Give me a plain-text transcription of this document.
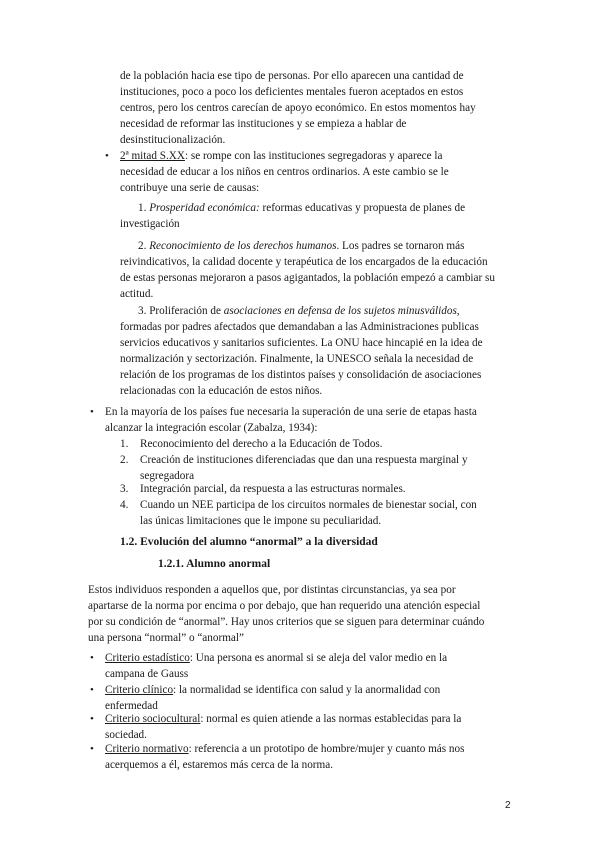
de la población hacia ese tipo de personas. Por ello aparecen una cantidad de
instituciones, poco a poco los deficientes mentales fueron aceptados en estos
centros, pero los centros carecían de apoyo económico. En estos momentos hay
necesidad de reformar las instituciones y se empieza a hablar de
desinstitucionalización.
• 2ª mitad S.XX: se rompe con las instituciones segregadoras y aparece la
necesidad de educar a los niños en centros ordinarios. A este cambio se le
contribuye una serie de causas:
1. Prosperidad económica: reformas educativas y propuesta de planes de
investigación
2. Reconocimiento de los derechos humanos. Los padres se tornaron más
reivindicativos, la calidad docente y terapéutica de los encargados de la educación
de estas personas mejoraron a pasos agigantados, la población empezó a cambiar su
actitud.
3. Proliferación de asociaciones en defensa de los sujetos minusválidos,
formadas por padres afectados que demandaban a las Administraciones publicas
servicios educativos y sanitarios suficientes. La ONU hace hincapié en la idea de
normalización y sectorización. Finalmente, la UNESCO señala la necesidad de
relación de los programas de los distintos países y consolidación de asociaciones
relacionadas con la educación de estos niños.
• En la mayoría de los países fue necesaria la superación de una serie de etapas hasta
alcanzar la integración escolar (Zabalza, 1934):
1. Reconocimiento del derecho a la Educación de Todos.
2. Creación de instituciones diferenciadas que dan una respuesta marginal y
segregadora
3. Integración parcial, da respuesta a las estructuras normales.
4. Cuando un NEE participa de los circuitos normales de bienestar social, con
las únicas limitaciones que le impone su peculiaridad.
1.2. Evolución del alumno “anormal” a la diversidad
1.2.1. Alumno anormal
Estos individuos responden a aquellos que, por distintas circunstancias, ya sea por
apartarse de la norma por encima o por debajo, que han requerido una atención especial
por su condición de “anormal”. Hay unos criterios que se siguen para determinar cuándo
una persona “normal” o “anormal”
• Criterio estadístico: Una persona es anormal si se aleja del valor medio en la
campana de Gauss
• Criterio clínico: la normalidad se identifica con salud y la anormalidad con
enfermedad
• Criterio sociocultural: normal es quien atiende a las normas establecidas para la
sociedad.
• Criterio normativo: referencia a un prototipo de hombre/mujer y cuanto más nos
acerquemos a él, estaremos más cerca de la norma.
2
